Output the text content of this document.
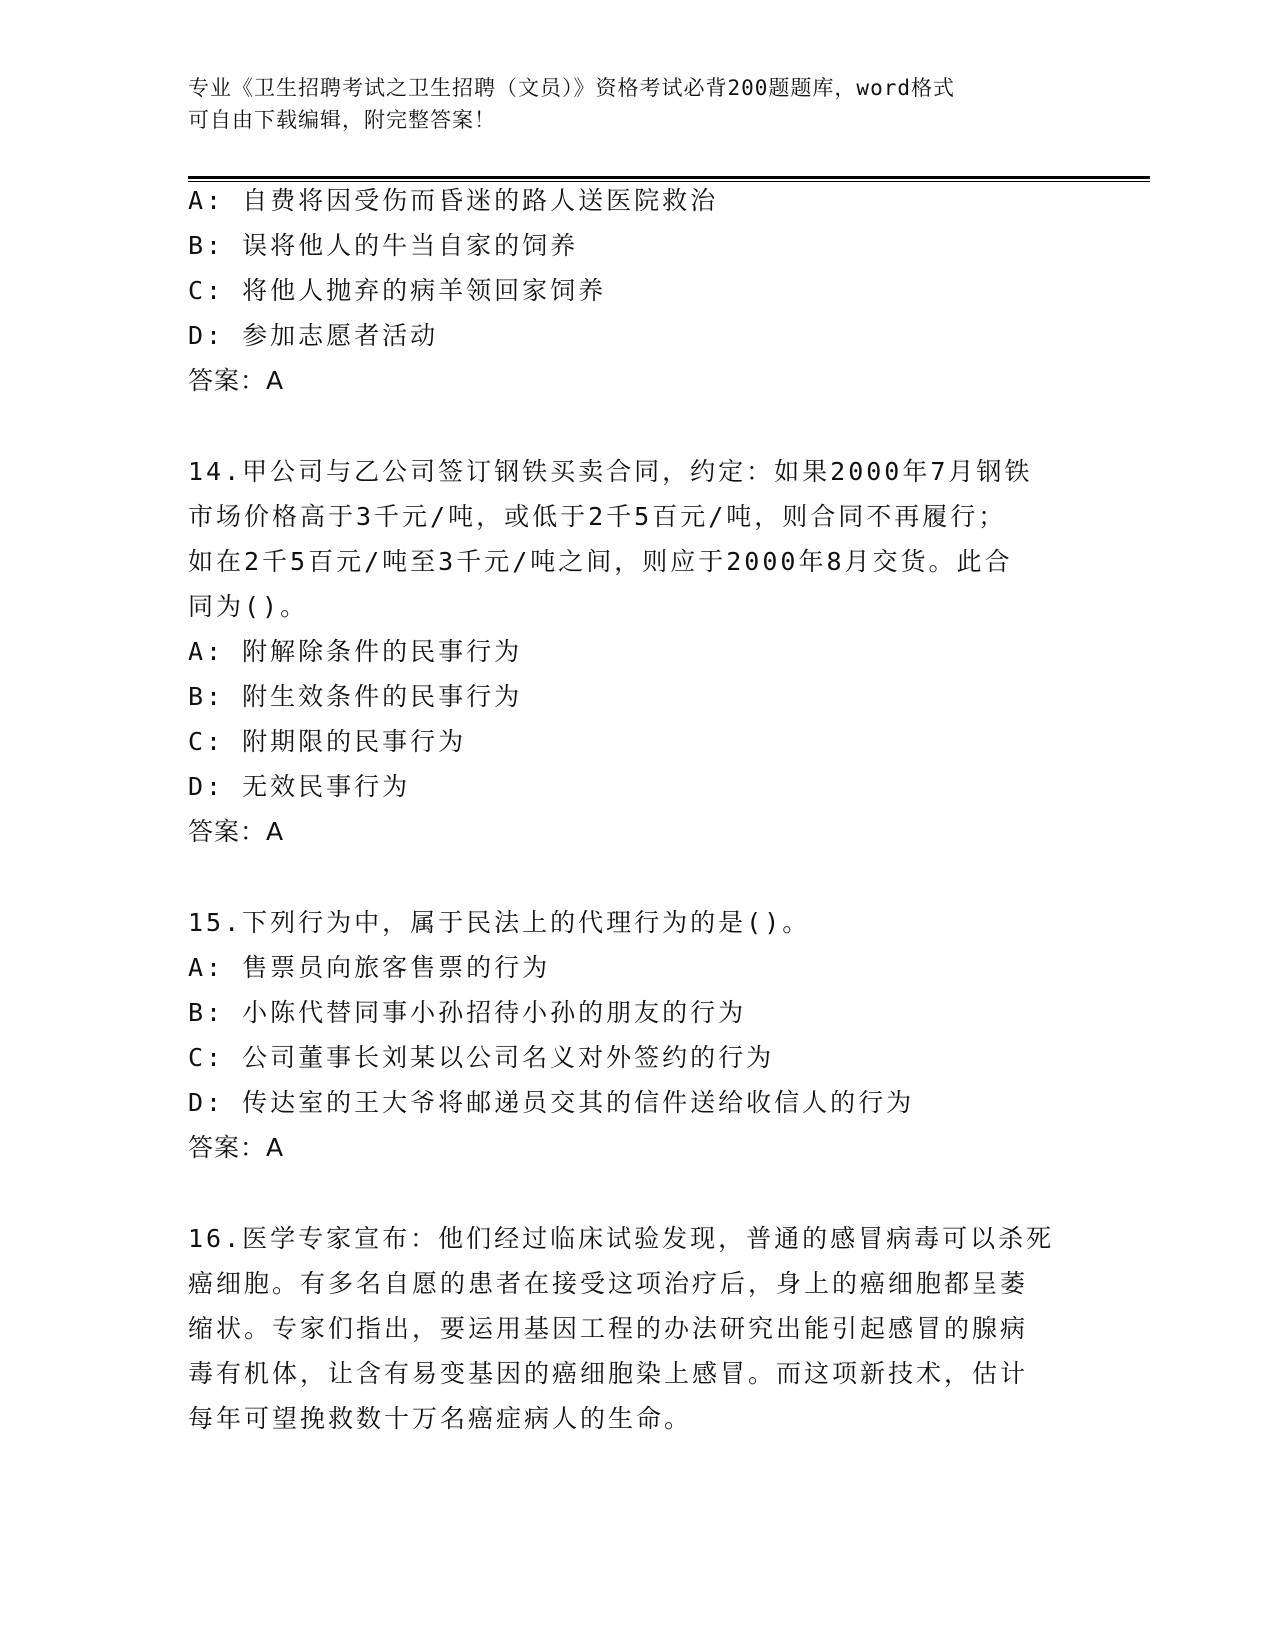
专业《卫生招聘考试之卫生招聘（文员）》资格考试必背200题题库，word格式
可自由下载编辑，附完整答案！
A: 自费将因受伤而昏迷的路人送医院救治
B: 误将他人的牛当自家的饲养
C: 将他人抛弃的病羊领回家饲养
D: 参加志愿者活动
答案：A
14.甲公司与乙公司签订钢铁买卖合同，约定：如果2000年7月钢铁
市场价格高于3千元/吨，或低于2千5百元/吨，则合同不再履行；
如在2千5百元/吨至3千元/吨之间，则应于2000年8月交货。此合
同为()。
A: 附解除条件的民事行为
B: 附生效条件的民事行为
C: 附期限的民事行为
D: 无效民事行为
答案：A
15.下列行为中，属于民法上的代理行为的是()。
A: 售票员向旅客售票的行为
B: 小陈代替同事小孙招待小孙的朋友的行为
C: 公司董事长刘某以公司名义对外签约的行为
D: 传达室的王大爷将邮递员交其的信件送给收信人的行为
答案：A
16.医学专家宣布：他们经过临床试验发现，普通的感冒病毒可以杀死
癌细胞。有多名自愿的患者在接受这项治疗后，身上的癌细胞都呈萎
缩状。专家们指出，要运用基因工程的办法研究出能引起感冒的腺病
毒有机体，让含有易变基因的癌细胞染上感冒。而这项新技术，估计
每年可望挽救数十万名癌症病人的生命。
